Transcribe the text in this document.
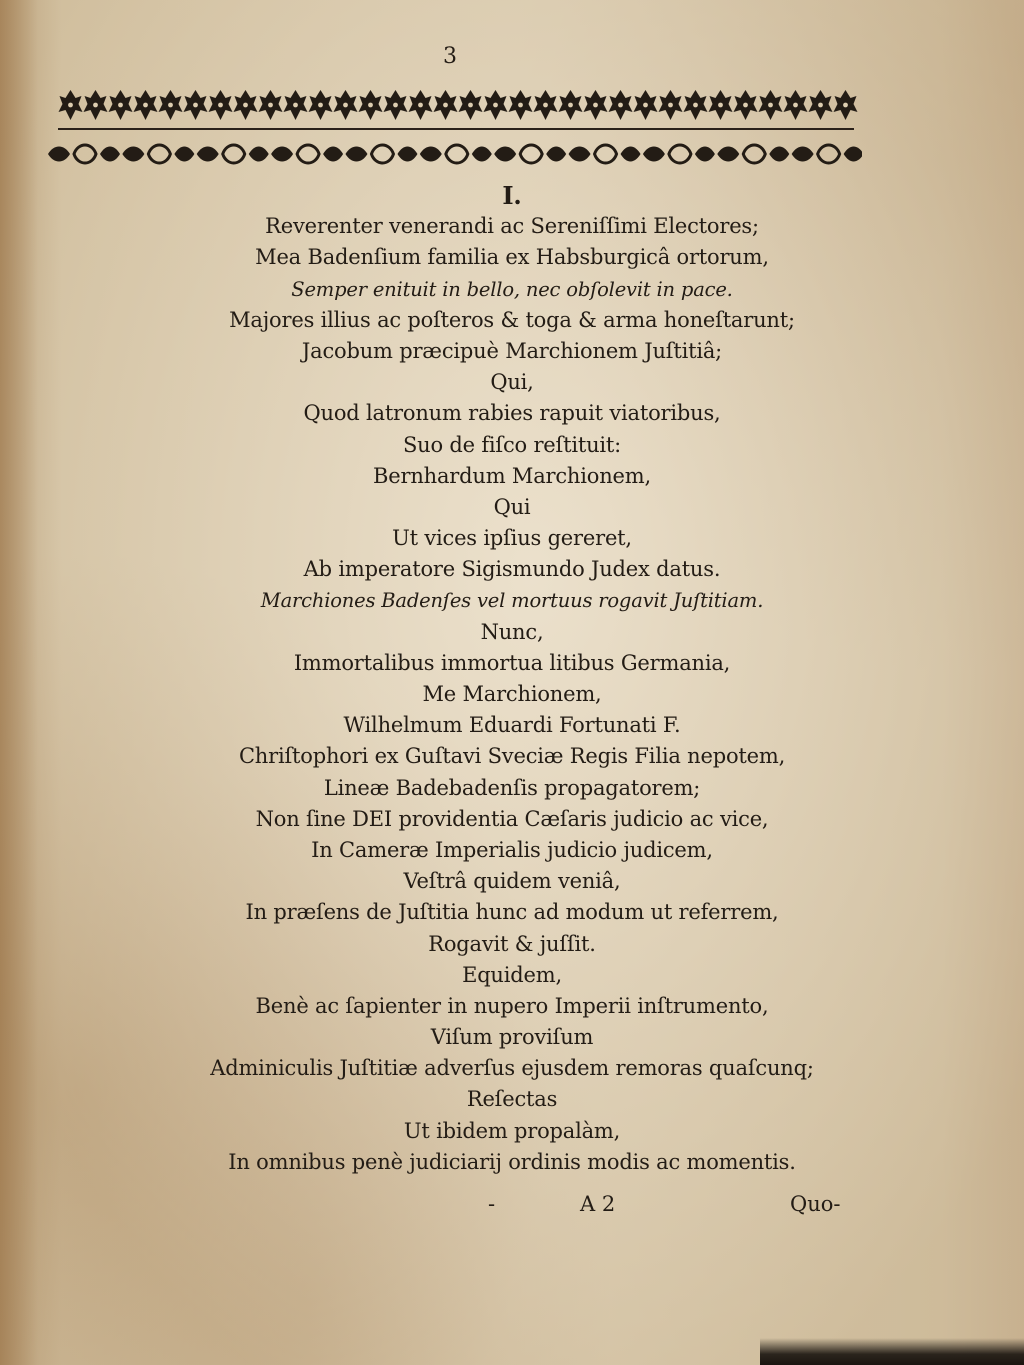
3
I.
Reverenter venerandi ac Sereniſſimi Electores;
Mea Badenſium familia ex Habsburgicâ ortorum,
Semper enituit in bello, nec obſolevit in pace.
Majores illius ac poſteros & toga & arma honeſtarunt;
Jacobum præcipuè Marchionem Juſtitiâ;
Qui,
Quod latronum rabies rapuit viatoribus,
Suo de fiſco reſtituit:
Bernhardum Marchionem,
Qui
Ut vices ipſius gereret,
Ab imperatore Sigismundo Judex datus.
Marchiones Badenſes vel mortuus rogavit Juſtitiam.
Nunc,
Immortalibus immortua litibus Germania,
Me Marchionem,
Wilhelmum Eduardi Fortunati F.
Chriſtophori ex Guſtavi Sveciæ Regis Filia nepotem,
Lineæ Badebadenſis propagatorem;
Non ſine DEI providentia Cæſaris judicio ac vice,
In Cameræ Imperialis judicio judicem,
Veſtrâ quidem veniâ,
In præſens de Juſtitia hunc ad modum ut referrem,
Rogavit & juſſit.
Equidem,
Benè ac ſapienter in nupero Imperii inſtrumento,
Viſum proviſum
Adminiculis Juſtitiæ adverſus ejusdem remoras quaſcunq;
Reſectas
Ut ibidem propalàm,
In omnibus penè judiciarij ordinis modis ac momentis.
-	A 2	Quo-
